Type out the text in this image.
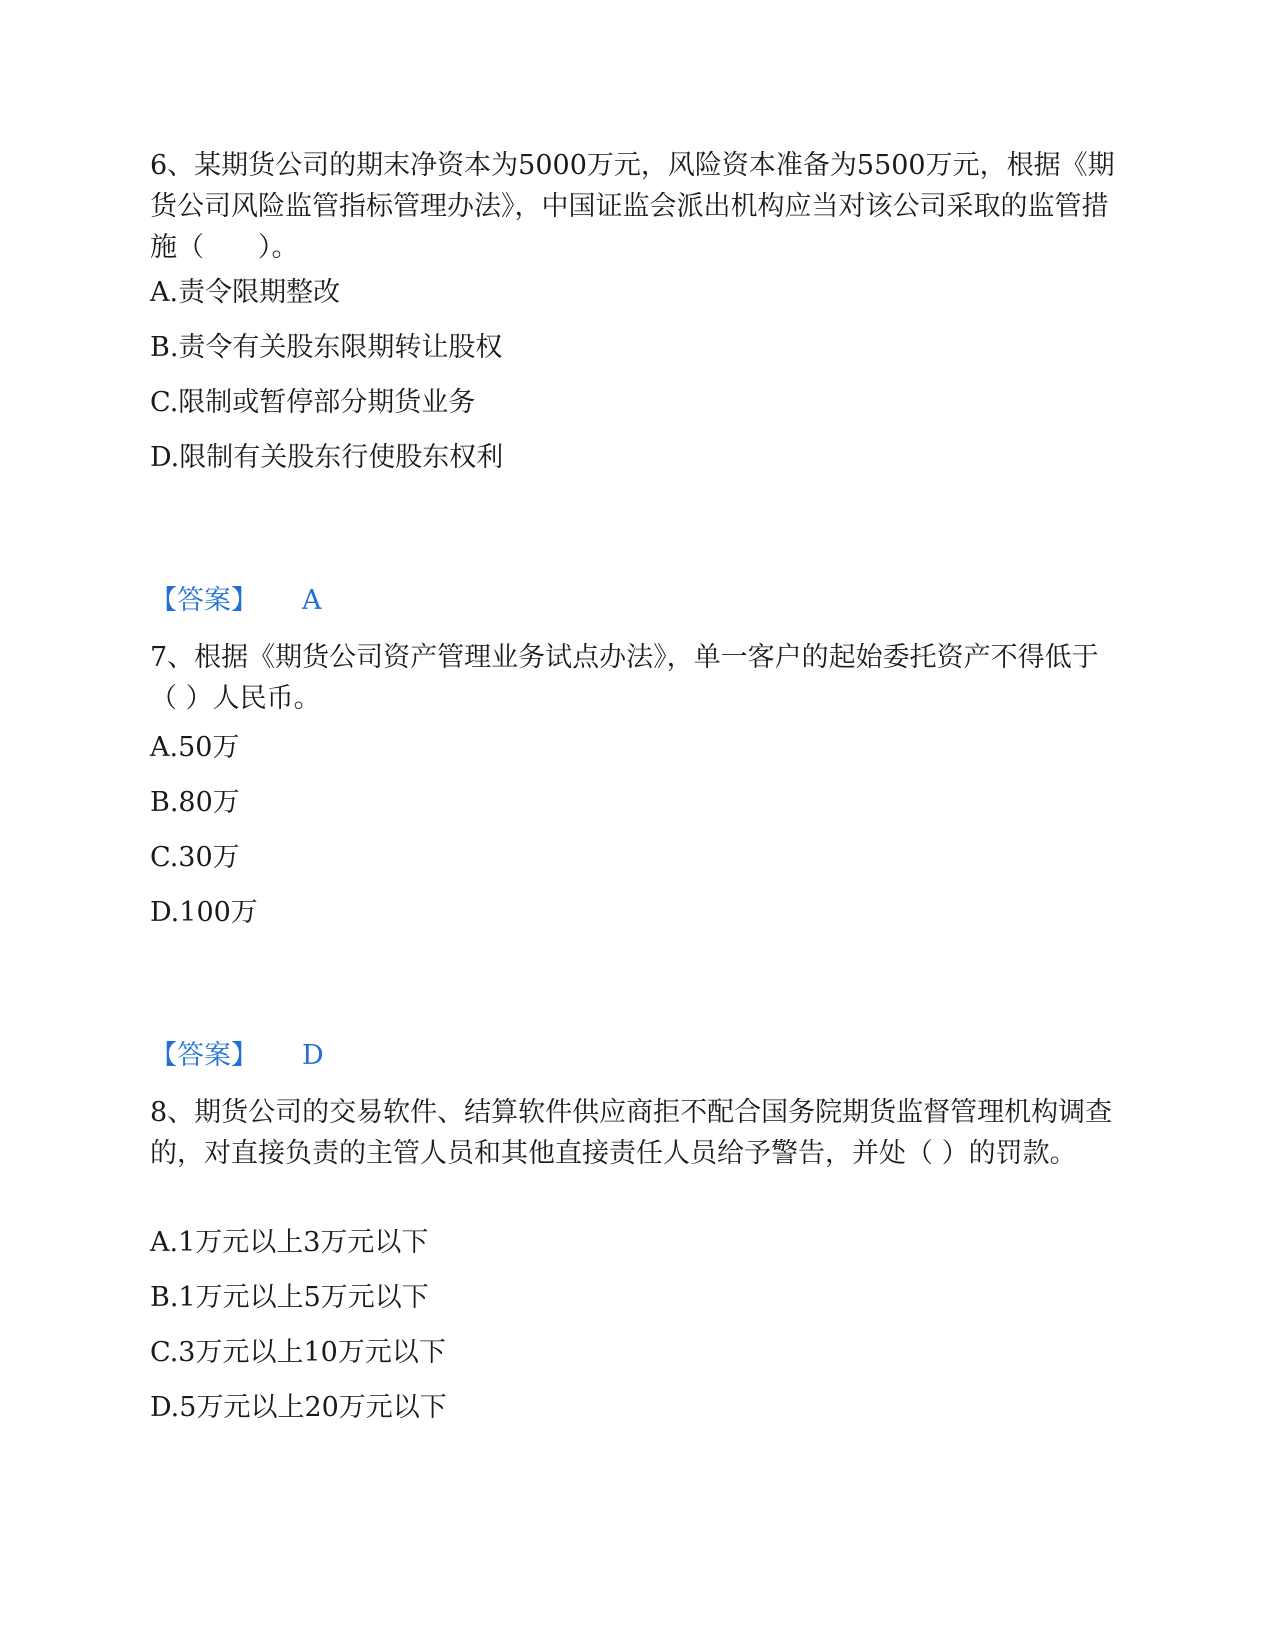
6、某期货公司的期末净资本为5000万元，风险资本准备为5500万元，根据《期货公司风险监管指标管理办法》，中国证监会派出机构应当对该公司采取的监管措施（　　）。

A.责令限期整改

B.责令有关股东限期转让股权

C.限制或暂停部分期货业务

D.限制有关股东行使股东权利

【答案】 A

7、根据《期货公司资产管理业务试点办法》，单一客户的起始委托资产不得低于（ ）人民币。

A.50万

B.80万

C.30万

D.100万

【答案】 D

8、期货公司的交易软件、结算软件供应商拒不配合国务院期货监督管理机构调查的，对直接负责的主管人员和其他直接责任人员给予警告，并处（ ）的罚款。

A.1万元以上3万元以下

B.1万元以上5万元以下

C.3万元以上10万元以下

D.5万元以上20万元以下
